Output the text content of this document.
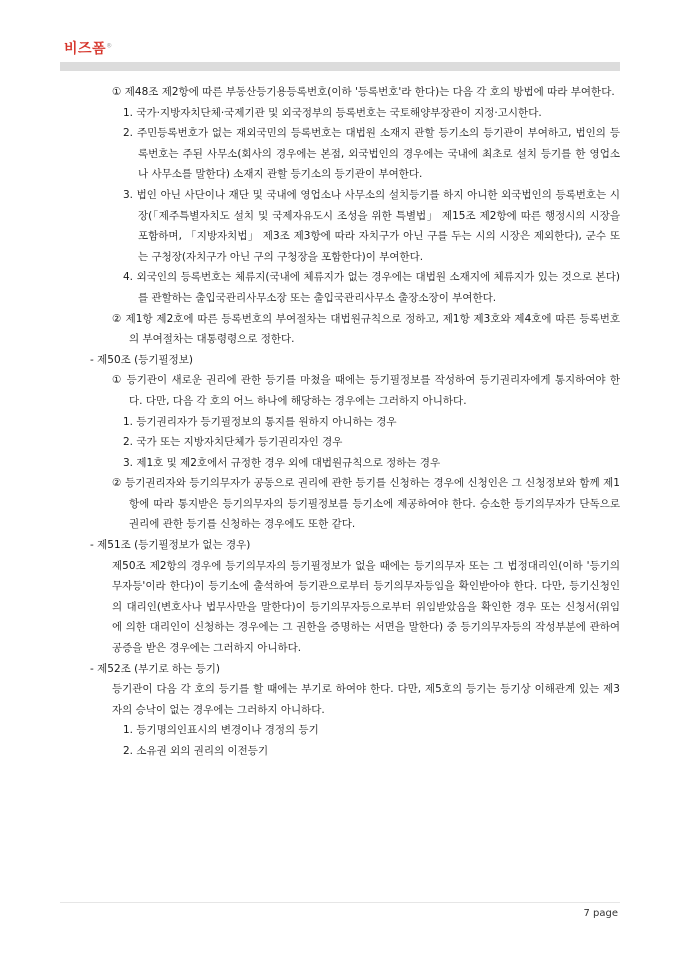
비즈폼®

① 제48조 제2항에 따른 부동산등기용등록번호(이하 '등록번호'라 한다)는 다음 각 호의 방법에 따라 부여한다.

1. 국가·지방자치단체·국제기관 및 외국정부의 등록번호는 국토해양부장관이 지정·고시한다.

2. 주민등록번호가 없는 재외국민의 등록번호는 대법원 소재지 관할 등기소의 등기관이 부여하고, 법인의 등록번호는 주된 사무소(회사의 경우에는 본점, 외국법인의 경우에는 국내에 최초로 설치 등기를 한 영업소나 사무소를 말한다) 소재지 관할 등기소의 등기관이 부여한다.

3. 법인 아닌 사단이나 재단 및 국내에 영업소나 사무소의 설치등기를 하지 아니한 외국법인의 등록번호는 시장(「제주특별자치도 설치 및 국제자유도시 조성을 위한 특별법」 제15조 제2항에 따른 행정시의 시장을 포함하며, 「지방자치법」 제3조 제3항에 따라 자치구가 아닌 구를 두는 시의 시장은 제외한다), 군수 또는 구청장(자치구가 아닌 구의 구청장을 포함한다)이 부여한다.

4. 외국인의 등록번호는 체류지(국내에 체류지가 없는 경우에는 대법원 소재지에 체류지가 있는 것으로 본다)를 관할하는 출입국관리사무소장 또는 출입국관리사무소 출장소장이 부여한다.

② 제1항 제2호에 따른 등록번호의 부여절차는 대법원규칙으로 정하고, 제1항 제3호와 제4호에 따른 등록번호의 부여절차는 대통령령으로 정한다.

- 제50조 (등기필정보)

① 등기관이 새로운 권리에 관한 등기를 마쳤을 때에는 등기필정보를 작성하여 등기권리자에게 통지하여야 한다. 다만, 다음 각 호의 어느 하나에 해당하는 경우에는 그러하지 아니하다.

1. 등기권리자가 등기필정보의 통지를 원하지 아니하는 경우

2. 국가 또는 지방자치단체가 등기권리자인 경우

3. 제1호 및 제2호에서 규정한 경우 외에 대법원규칙으로 정하는 경우

② 등기권리자와 등기의무자가 공동으로 권리에 관한 등기를 신청하는 경우에 신청인은 그 신청정보와 함께 제1항에 따라 통지받은 등기의무자의 등기필정보를 등기소에 제공하여야 한다. 승소한 등기의무자가 단독으로 권리에 관한 등기를 신청하는 경우에도 또한 같다.

- 제51조 (등기필정보가 없는 경우)

제50조 제2항의 경우에 등기의무자의 등기필정보가 없을 때에는 등기의무자 또는 그 법정대리인(이하 '등기의무자등'이라 한다)이 등기소에 출석하여 등기관으로부터 등기의무자등임을 확인받아야 한다. 다만, 등기신청인의 대리인(변호사나 법무사만을 말한다)이 등기의무자등으로부터 위임받았음을 확인한 경우 또는 신청서(위임에 의한 대리인이 신청하는 경우에는 그 권한을 증명하는 서면을 말한다) 중 등기의무자등의 작성부분에 관하여 공증을 받은 경우에는 그러하지 아니하다.

- 제52조 (부기로 하는 등기)

등기관이 다음 각 호의 등기를 할 때에는 부기로 하여야 한다. 다만, 제5호의 등기는 등기상 이해관계 있는 제3자의 승낙이 없는 경우에는 그러하지 아니하다.

1. 등기명의인표시의 변경이나 경정의 등기

2. 소유권 외의 권리의 이전등기

7 page
